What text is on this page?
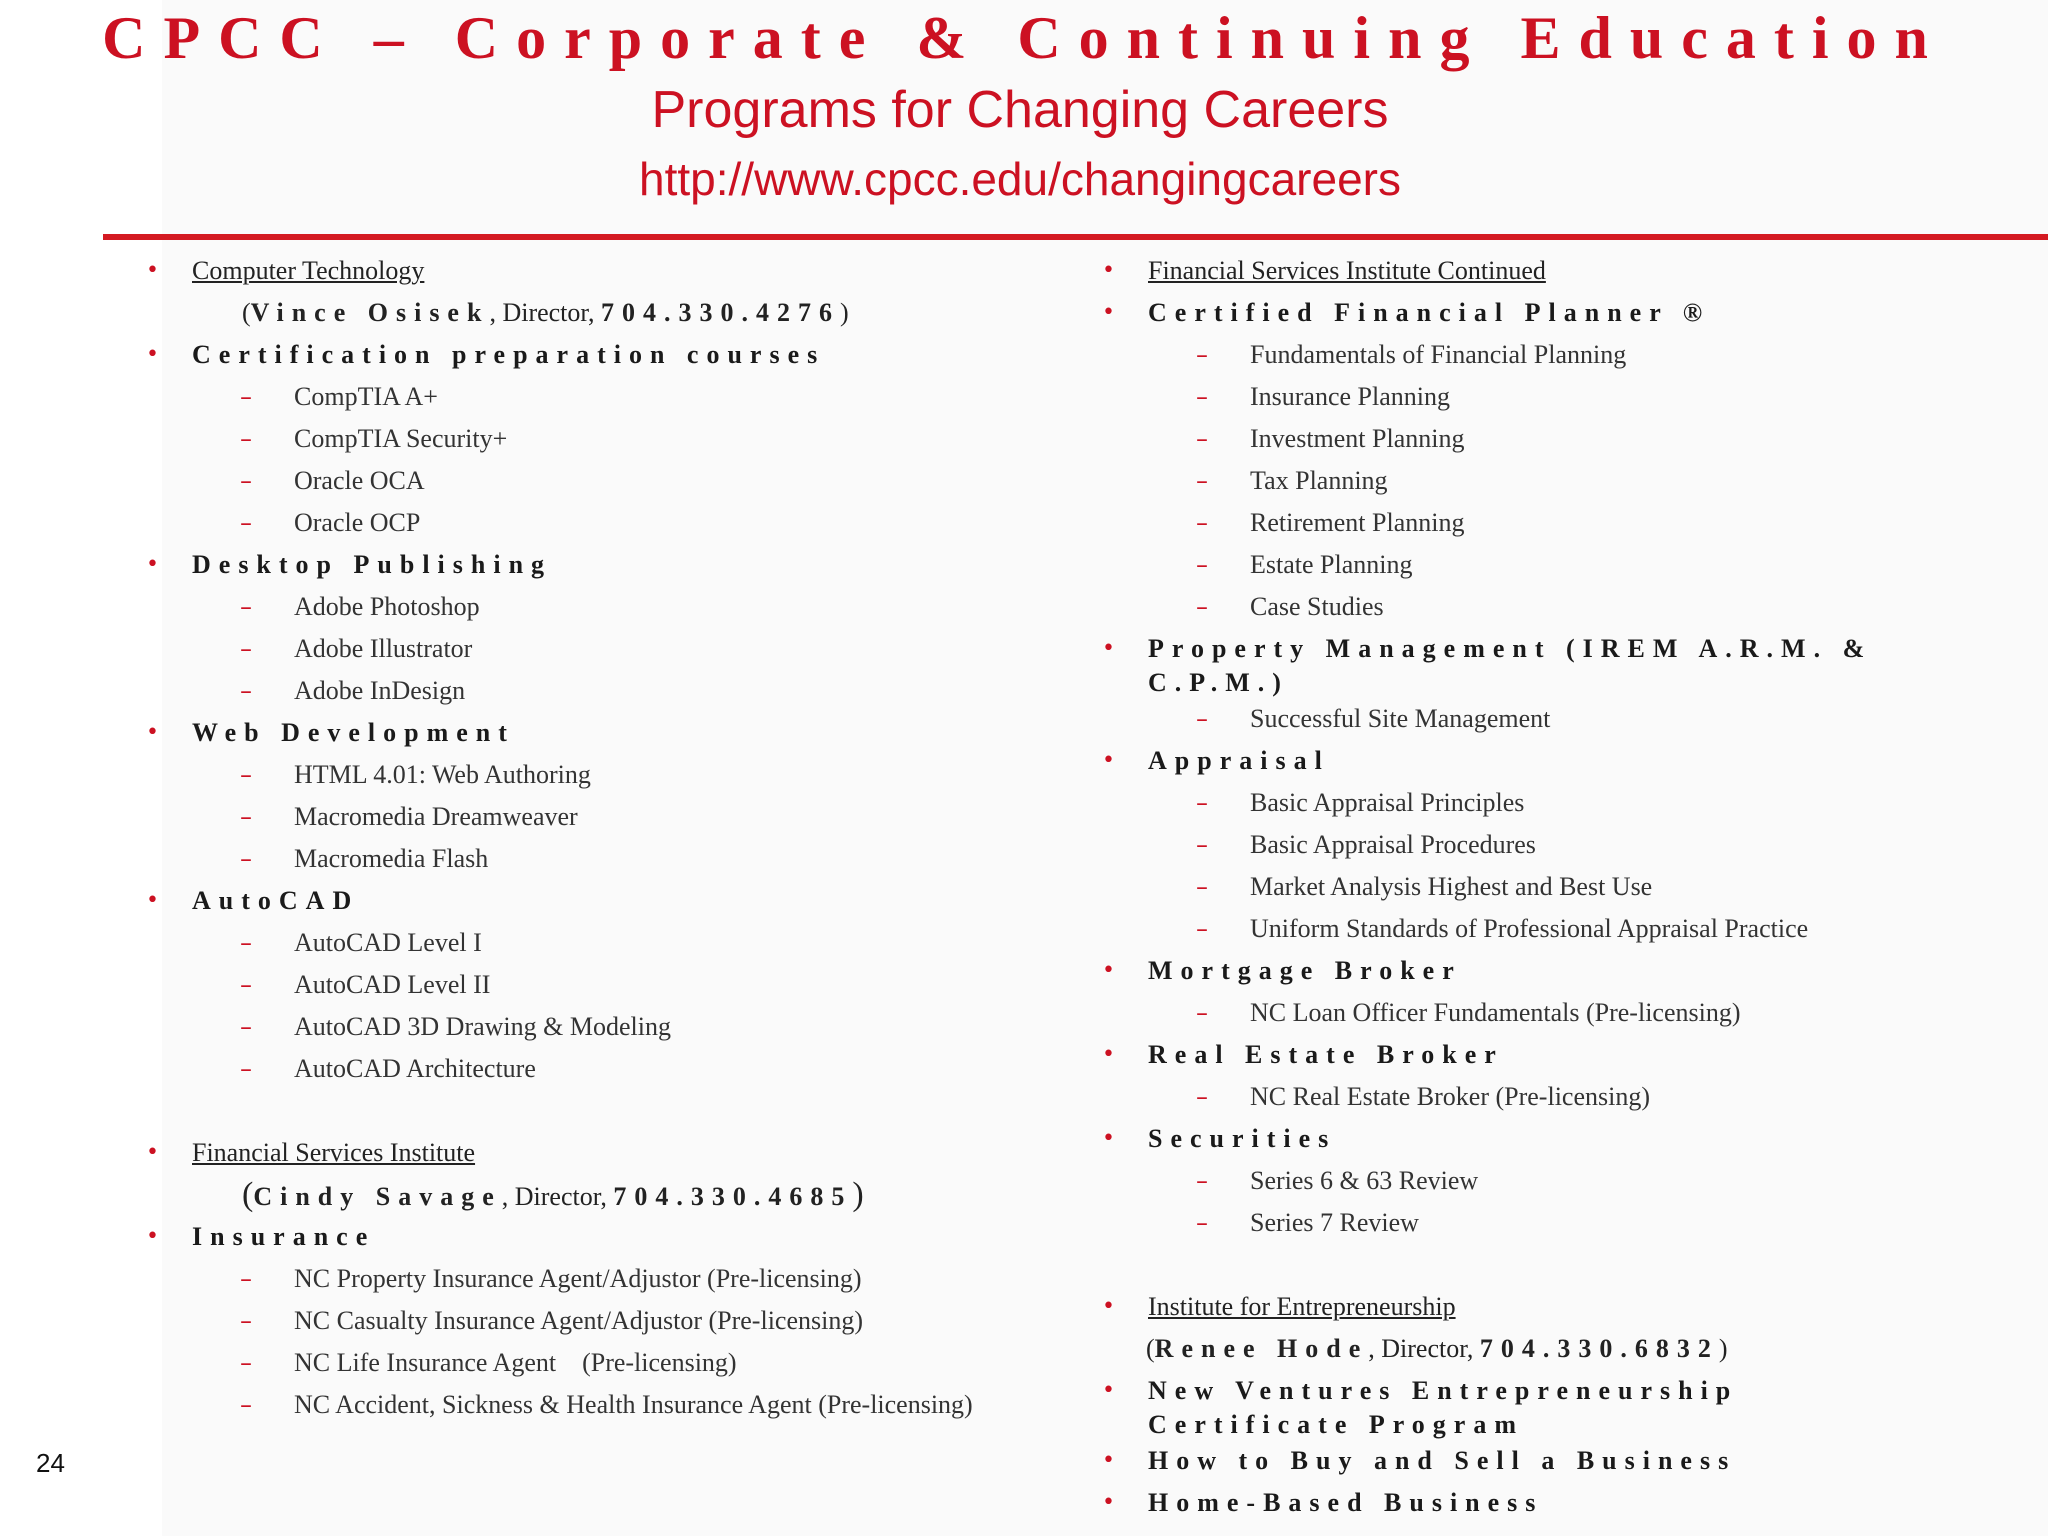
CPCC – Corporate & Continuing Education
Programs for Changing Careers
http://www.cpcc.edu/changingcareers
• Computer Technology
(Vince Osisek, Director, 704.330.4276)
• Certification preparation courses
– CompTIA A+
– CompTIA Security+
– Oracle OCA
– Oracle OCP
• Desktop Publishing
– Adobe Photoshop
– Adobe Illustrator
– Adobe InDesign
• Web Development
– HTML 4.01: Web Authoring
– Macromedia Dreamweaver
– Macromedia Flash
• AutoCAD
– AutoCAD Level I
– AutoCAD Level II
– AutoCAD 3D Drawing & Modeling
– AutoCAD Architecture
• Financial Services Institute
(Cindy Savage, Director, 704.330.4685)
• Insurance
– NC Property Insurance Agent/Adjustor (Pre-licensing)
– NC Casualty Insurance Agent/Adjustor (Pre-licensing)
– NC Life Insurance Agent    (Pre-licensing)
– NC Accident, Sickness & Health Insurance Agent (Pre-licensing)
• Financial Services Institute Continued
• Certified Financial Planner ®
– Fundamentals of Financial Planning
– Insurance Planning
– Investment Planning
– Tax Planning
– Retirement Planning
– Estate Planning
– Case Studies
• Property Management (IREM A.R.M. & C.P.M.)
– Successful Site Management
• Appraisal
– Basic Appraisal Principles
– Basic Appraisal Procedures
– Market Analysis Highest and Best Use
– Uniform Standards of Professional Appraisal Practice
• Mortgage Broker
– NC Loan Officer Fundamentals (Pre-licensing)
• Real Estate Broker
– NC Real Estate Broker (Pre-licensing)
• Securities
– Series 6 & 63 Review
– Series 7 Review
• Institute for Entrepreneurship
(Renee Hode, Director, 704.330.6832)
• New Ventures Entrepreneurship Certificate Program
• How to Buy and Sell a Business
• Home-Based Business
24
